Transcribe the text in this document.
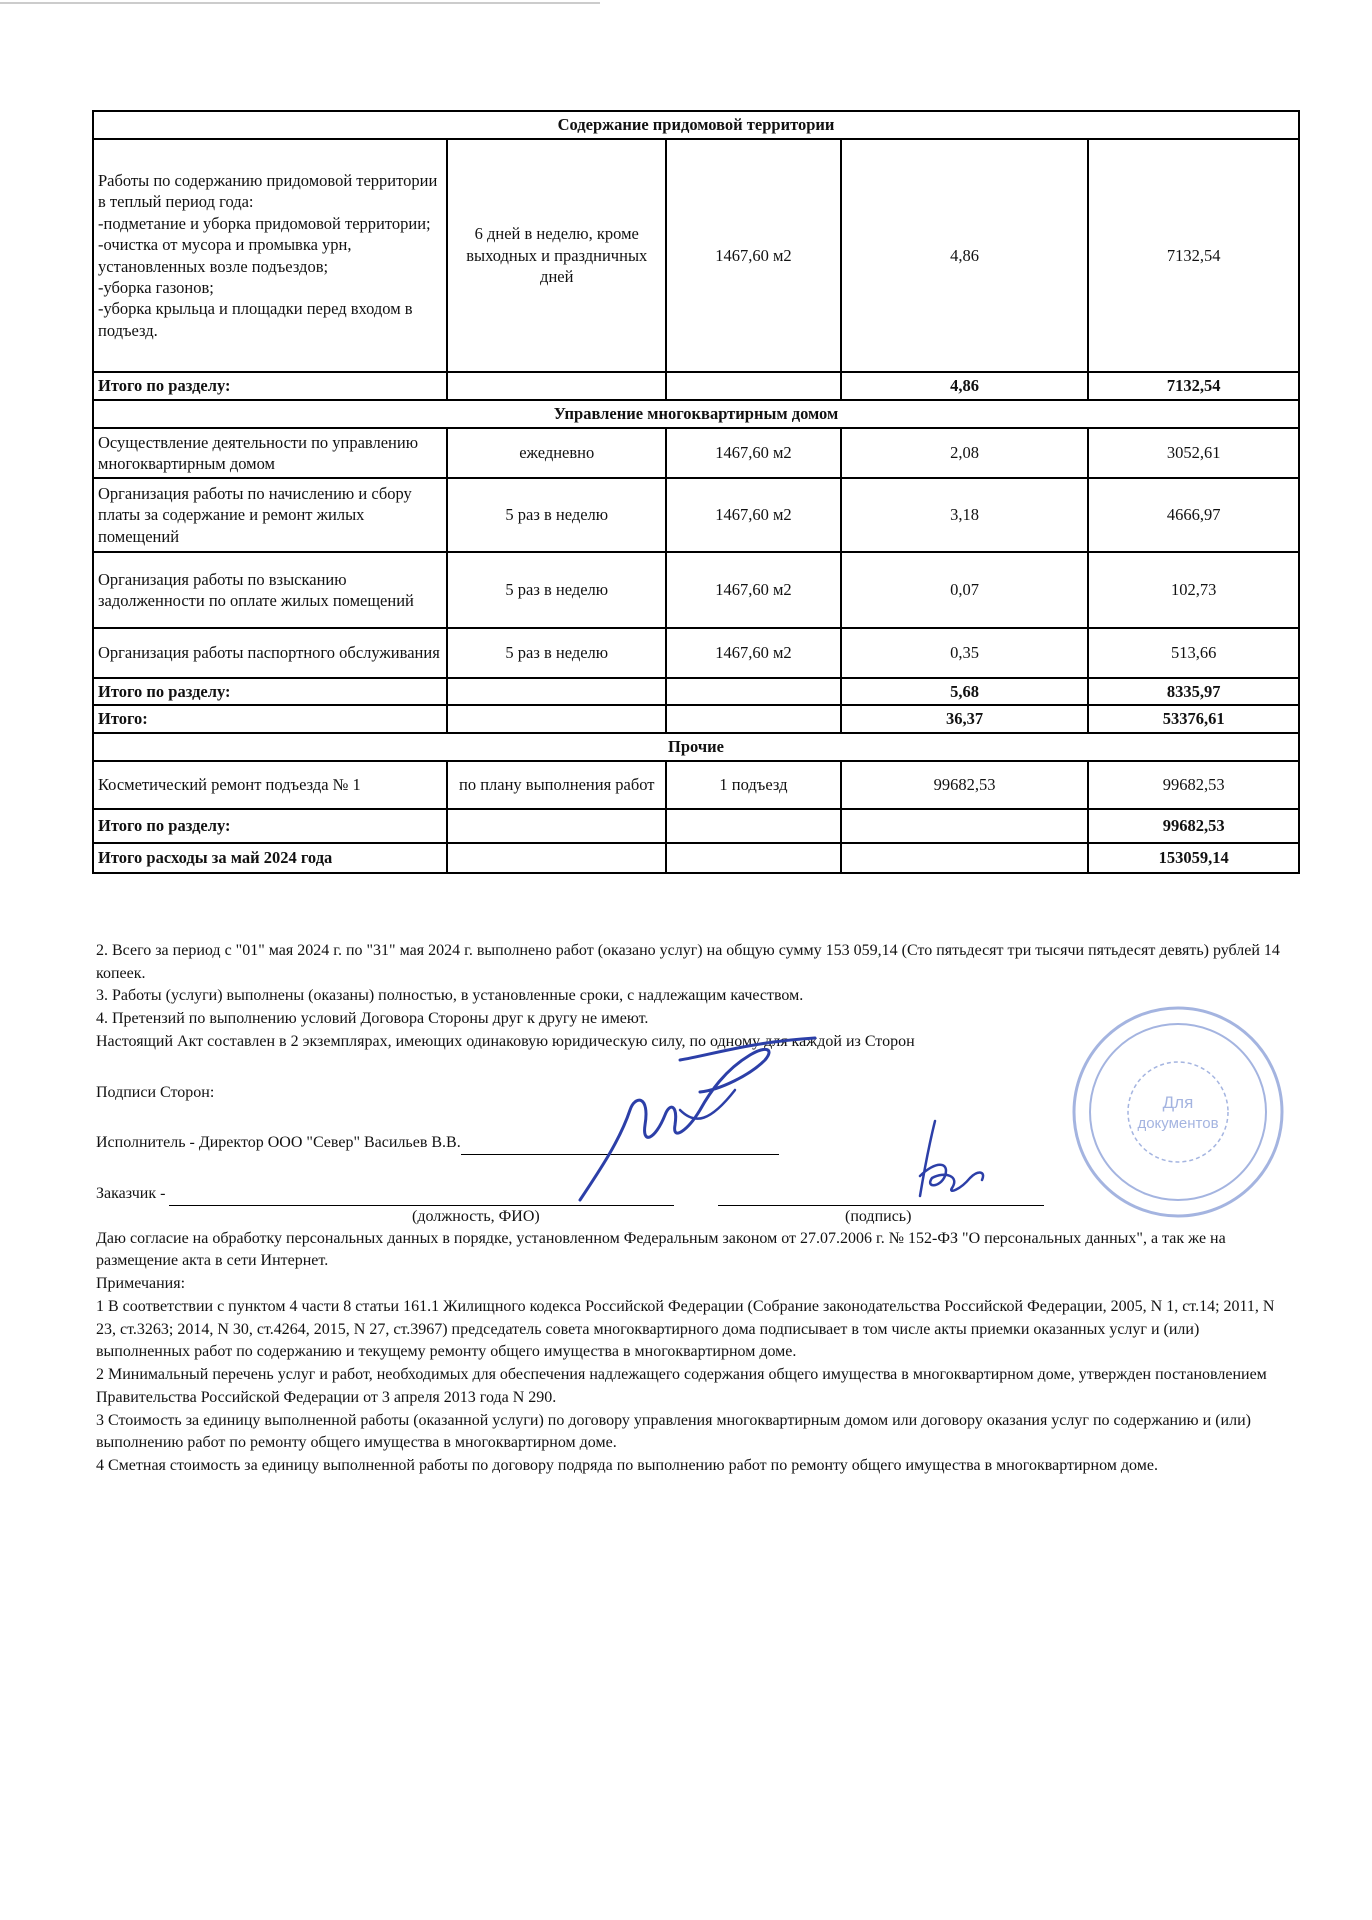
Содержание придомовой территории				
Работы по содержанию придомовой территории в теплый период года:
-подметание и уборка придомовой территории;
-очистка от мусора и промывка урн, установленных возле подъездов;
-уборка газонов;
-уборка крыльца и площадки перед входом в подъезд.	6 дней в неделю, кроме выходных и праздничных дней	1467,60 м2	4,86	7132,54
Итого по разделу:			4,86	7132,54
Управление многоквартирным домом				
Осуществление деятельности по управлению многоквартирным домом	ежедневно	1467,60 м2	2,08	3052,61
Организация работы по начислению и сбору платы за содержание и ремонт жилых помещений	5 раз в неделю	1467,60 м2	3,18	4666,97
Организация работы по взысканию задолженности по оплате жилых помещений	5 раз в неделю	1467,60 м2	0,07	102,73
Организация работы паспортного обслуживания	5 раз в неделю	1467,60 м2	0,35	513,66
Итого по разделу:			5,68	8335,97
Итого:			36,37	53376,61
Прочие				
Косметический ремонт подъезда № 1	по плану выполнения работ	1 подъезд	99682,53	99682,53
Итого по разделу:				99682,53
Итого расходы за май 2024 года				153059,14

2. Всего за период с "01" мая 2024 г. по "31" мая 2024 г. выполнено работ (оказано услуг) на общую сумму 153 059,14 (Сто пятьдесят три тысячи пятьдесят девять) рублей 14 копеек.

3. Работы (услуги) выполнены (оказаны) полностью, в установленные сроки, с надлежащим качеством.

4. Претензий по выполнению условий Договора Стороны друг к другу не имеют.

Настоящий Акт составлен в 2 экземплярах, имеющих одинаковую юридическую силу, по одному для каждой из Сторон

Подписи Сторон:

Исполнитель - Директор ООО "Север" Васильев В.В.

Заказчик -

(должность, ФИО)	(подпись)

Даю согласие на обработку персональных данных в порядке, установленном Федеральным законом от 27.07.2006 г. № 152-ФЗ "О персональных данных", а так же на размещение акта в сети Интернет.

Примечания:

1 В соответствии с пунктом 4 части 8 статьи 161.1 Жилищного кодекса Российской Федерации (Собрание законодательства Российской Федерации, 2005, N 1, ст.14; 2011, N 23, ст.3263; 2014, N 30, ст.4264, 2015, N 27, ст.3967) председатель совета многоквартирного дома подписывает в том числе акты приемки оказанных услуг и (или) выполненных работ по содержанию и текущему ремонту общего имущества в многоквартирном доме.

2 Минимальный перечень услуг и работ, необходимых для обеспечения надлежащего содержания общего имущества в многоквартирном доме, утвержден постановлением Правительства Российской Федерации от 3 апреля 2013 года N 290.

3 Стоимость за единицу выполненной работы (оказанной услуги) по договору управления многоквартирным домом или договору оказания услуг по содержанию и (или) выполнению работ по ремонту общего имущества в многоквартирном доме.

4 Сметная стоимость за единицу выполненной работы по договору подряда по выполнению работ по ремонту общего имущества в многоквартирном доме.

Для
документов
